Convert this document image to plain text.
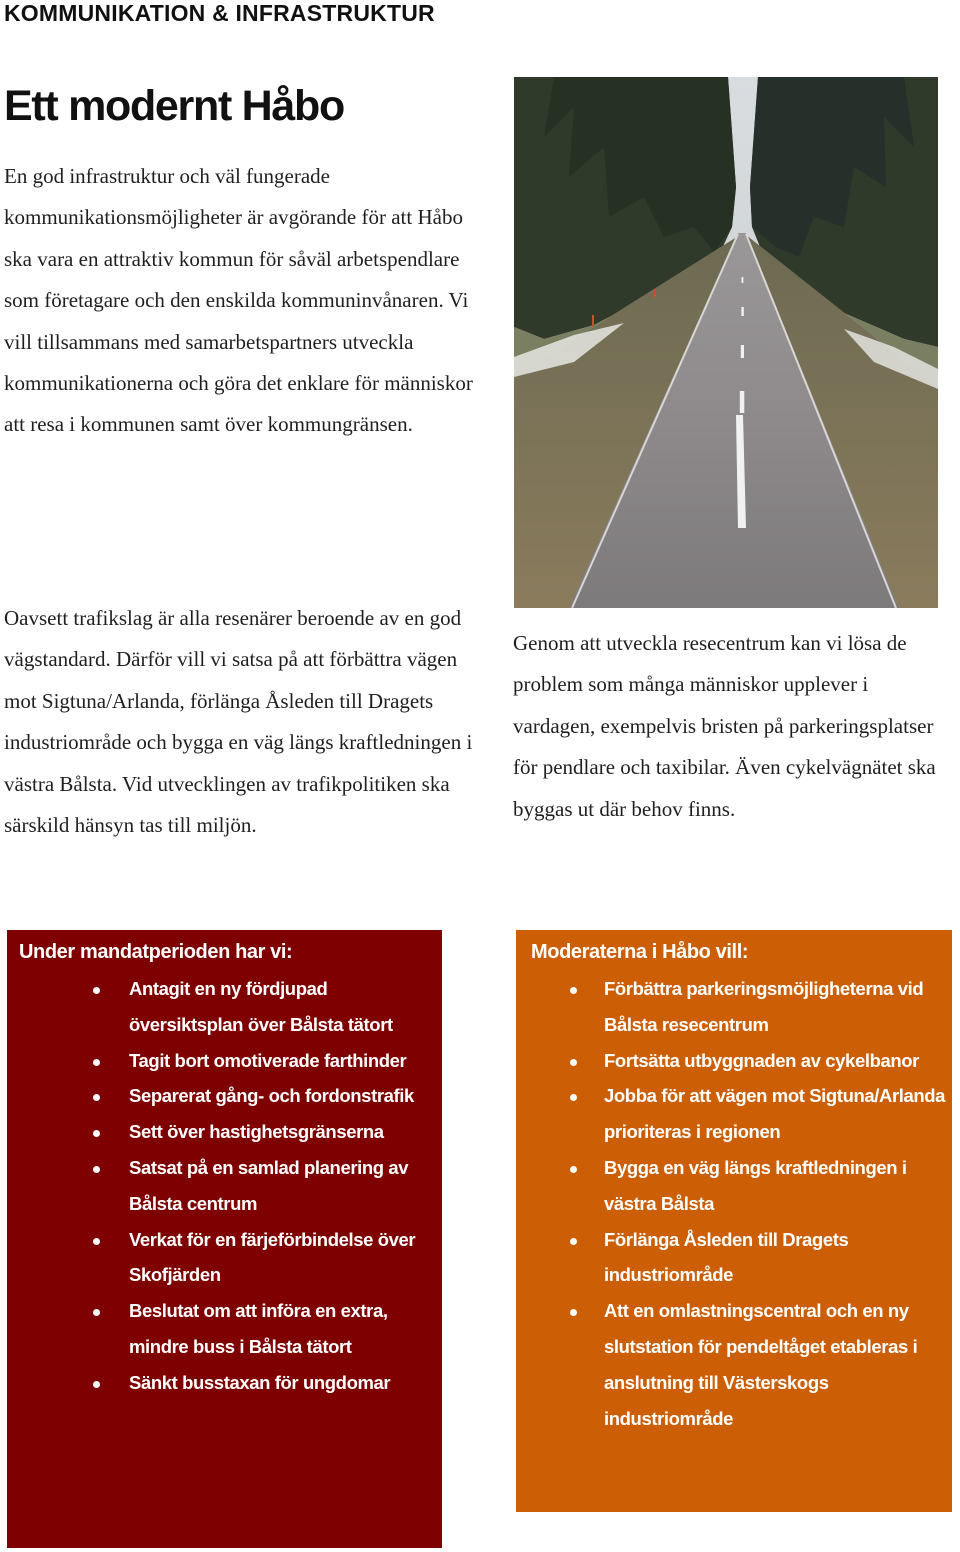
KOMMUNIKATION & INFRASTRUKTUR
Ett modernt Håbo

En god infrastruktur och väl fungerade kommunikationsmöjligheter är avgörande för att Håbo ska vara en attraktiv kommun för såväl arbetspendlare som företagare och den enskilda kommuninvånaren. Vi vill tillsammans med samarbetspartners utveckla kommunikationerna och göra det enklare för människor att resa i kommunen samt över kommungränsen.

Oavsett trafikslag är alla resenärer beroende av en god vägstandard. Därför vill vi satsa på att förbättra vägen mot Sigtuna/Arlanda, förlänga Åsleden till Dragets industriområde och bygga en väg längs kraftledningen i västra Bålsta. Vid utvecklingen av trafikpolitiken ska särskild hänsyn tas till miljön.

Genom att utveckla resecentrum kan vi lösa de problem som många människor upplever i vardagen, exempelvis bristen på parkeringsplatser för pendlare och taxibilar. Även cykelvägnätet ska byggas ut där behov finns.

Under mandatperioden har vi:
Antagit en ny fördjupad översiktsplan över Bålsta tätort
Tagit bort omotiverade farthinder
Separerat gång- och fordonstrafik
Sett över hastighetsgränserna
Satsat på en samlad planering av Bålsta centrum
Verkat för en färjeförbindelse över Skofjärden
Beslutat om att införa en extra, mindre buss i Bålsta tätort
Sänkt busstaxan för ungdomar
Moderaterna i Håbo vill:
Förbättra parkeringsmöjligheterna vid Bålsta resecentrum
Fortsätta utbyggnaden av cykelbanor
Jobba för att vägen mot Sigtuna/Arlanda prioriteras i regionen
Bygga en väg längs kraftledningen i västra Bålsta
Förlänga Åsleden till Dragets industriområde
Att en omlastningscentral och en ny slutstation för pendeltåget etableras i anslutning till Västerskogs industriområde
